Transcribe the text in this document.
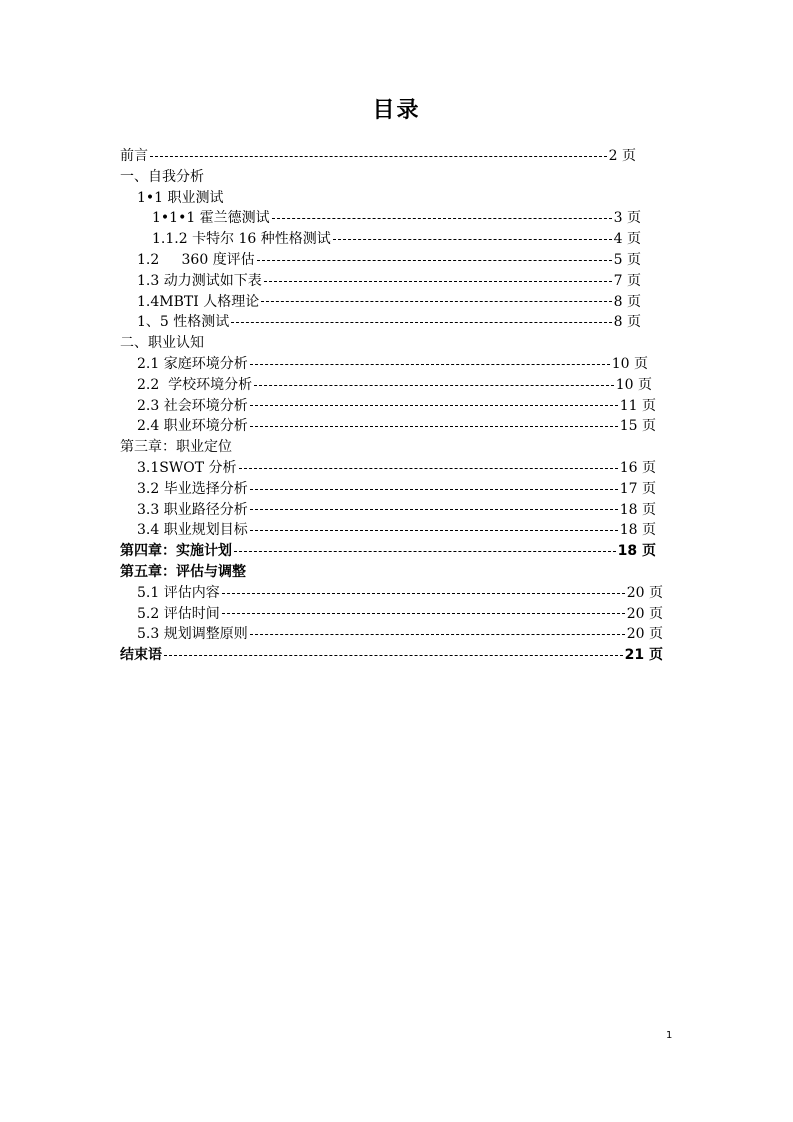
目录
前言	2 页
一、自我分析
1•1 职业测试
1•1•1 霍兰德测试	3 页
1.1.2 卡特尔 16 种性格测试	4 页
1.2     360 度评估	5 页
1.3 动力测试如下表	7 页
1.4MBTI 人格理论	8 页
1、5 性格测试	8 页
二、职业认知
2.1 家庭环境分析	10 页
2.2  学校环境分析	10 页
2.3 社会环境分析	11 页
2.4 职业环境分析	15 页
第三章：职业定位
3.1SWOT 分析	16 页
3.2 毕业选择分析	17 页
3.3 职业路径分析	18 页
3.4 职业规划目标	18 页
第四章：实施计划	18 页
第五章：评估与调整
5.1 评估内容	20 页
5.2 评估时间	20 页
5.3 规划调整原则	20 页
结束语	21 页
1
